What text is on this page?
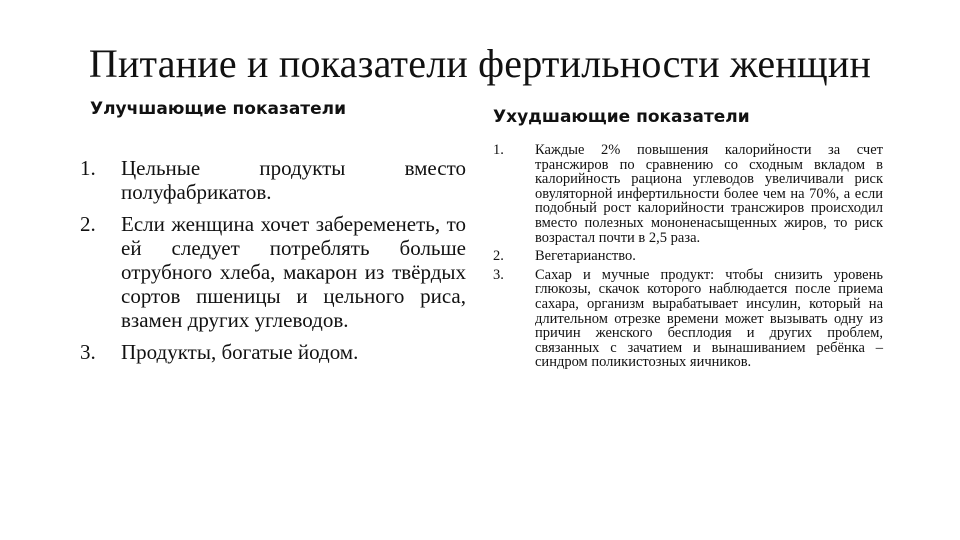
Питание и показатели фертильности женщин
Улучшающие показатели	Ухудшающие показатели
1. Цельные продукты вместо полуфабрикатов.
2. Если женщина хочет забеременеть, то ей следует потреблять больше отрубного хлеба, макарон из твёрдых сортов пшеницы и цельного риса, взамен других углеводов.
3. Продукты, богатые йодом.
1. Каждые 2% повышения калорийности за счет трансжиров по сравнению со сходным вкладом в калорийность рациона углеводов увеличивали риск овуляторной инфертильности более чем на 70%, а если подобный рост калорийности трансжиров происходил вместо полезных мононенасыщенных жиров, то риск возрастал почти в 2,5 раза.
2. Вегетарианство.
3. Сахар и мучные продукт: чтобы снизить уровень глюкозы, скачок которого наблюдается после приема сахара, организм вырабатывает инсулин, который на длительном отрезке времени может вызывать одну из причин женского бесплодия и других проблем, связанных с зачатием и вынашиванием ребёнка – синдром поликистозных яичников.
